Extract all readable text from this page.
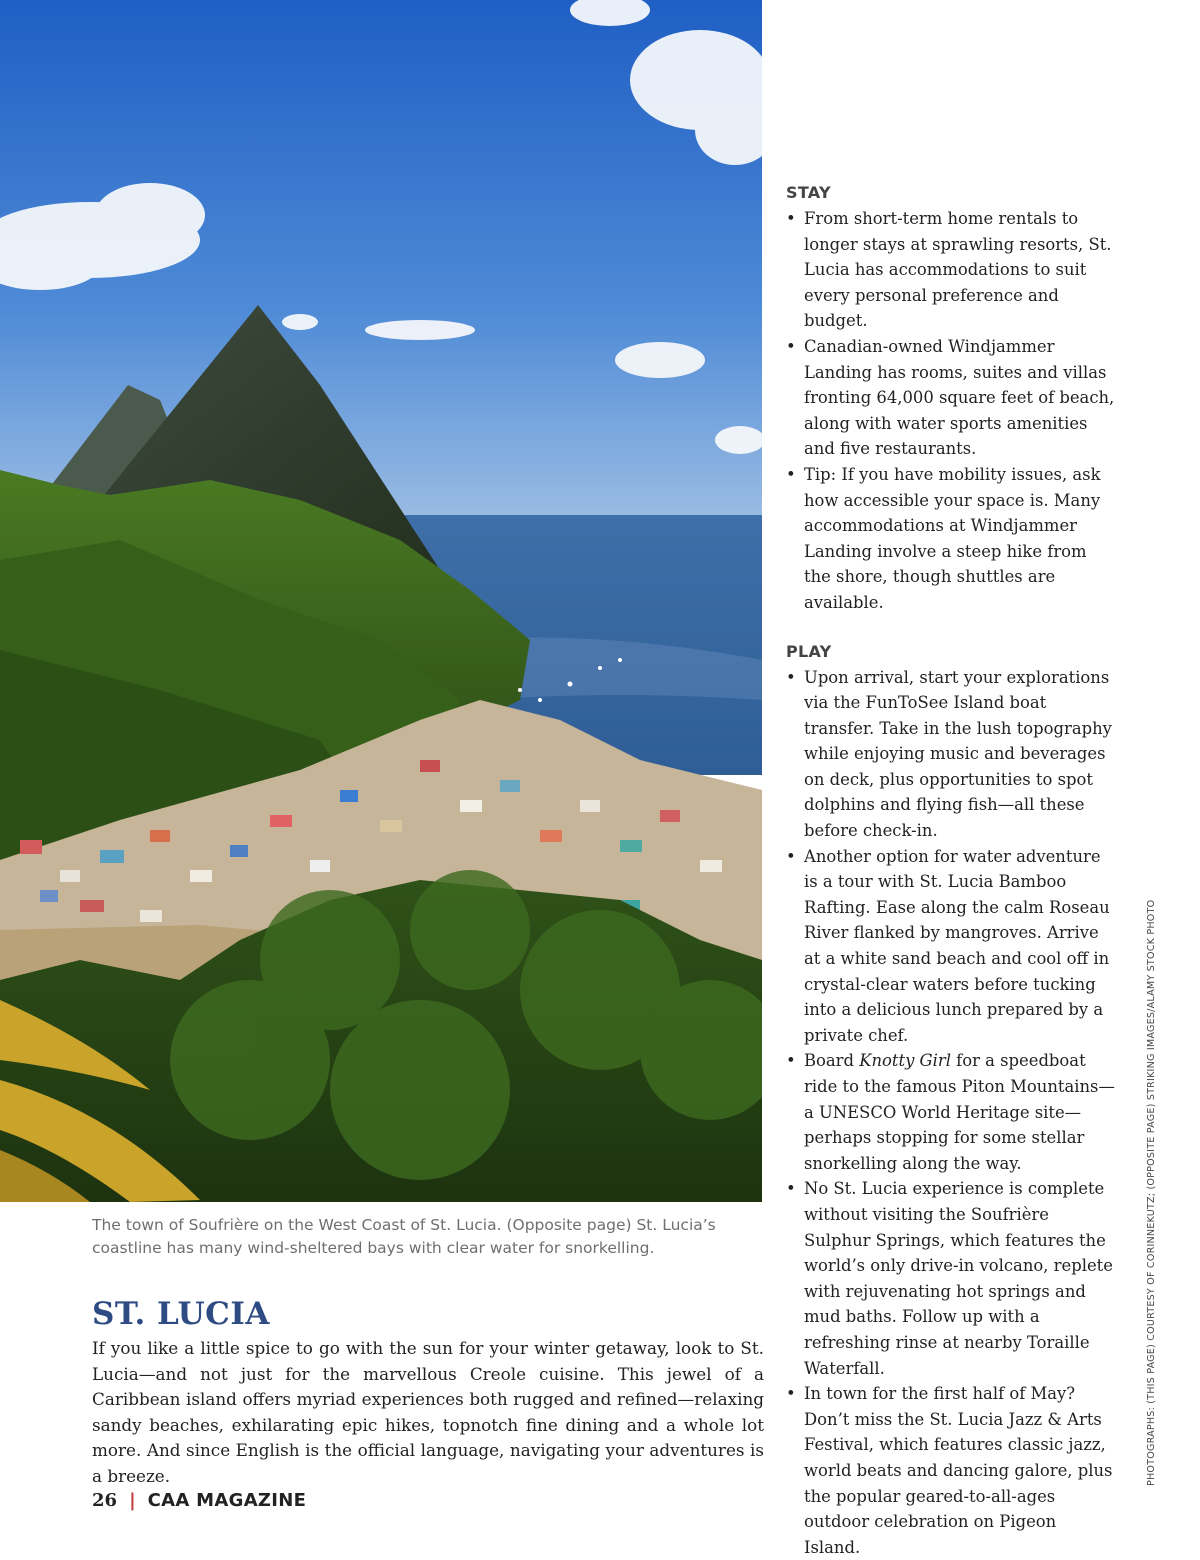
The town of Soufrière on the West Coast of St. Lucia. (Opposite page) St. Lucia’s coastline has many wind-sheltered bays with clear water for snorkelling.
ST. LUCIA

If you like a little spice to go with the sun for your winter getaway, look to St. Lucia—and not just for the marvellous Creole cuisine. This jewel of a Caribbean island offers myriad experiences both rugged and refined—relaxing sandy beaches, exhilarating epic hikes, topnotch fine dining and a whole lot more. And since English is the official language, navigating your adventures is a breeze.

26 | CAA MAGAZINE
STAY
• From short-term home rentals to longer stays at sprawling resorts, St. Lucia has accommodations to suit every personal preference and budget.
• Canadian-owned Windjammer Landing has rooms, suites and villas fronting 64,000 square feet of beach, along with water sports amenities and five restaurants.
• Tip: If you have mobility issues, ask how accessible your space is. Many accommodations at Windjammer Landing involve a steep hike from the shore, though shuttles are available.
PLAY
• Upon arrival, start your explorations via the FunToSee Island boat transfer. Take in the lush topography while enjoying music and beverages on deck, plus opportunities to spot dolphins and flying fish—all these before check-in.
• Another option for water adventure is a tour with St. Lucia Bamboo Rafting. Ease along the calm Roseau River flanked by mangroves. Arrive at a white sand beach and cool off in crystal-clear waters before tucking into a delicious lunch prepared by a private chef.
• Board Knotty Girl for a speedboat ride to the famous Piton Mountains—a UNESCO World Heritage site—perhaps stopping for some stellar snorkelling along the way.
• No St. Lucia experience is complete without visiting the Soufrière Sulphur Springs, which features the world’s only drive-in volcano, replete with rejuvenating hot springs and mud baths. Follow up with a refreshing rinse at nearby Toraille Waterfall.
• In town for the first half of May? Don’t miss the St. Lucia Jazz & Arts Festival, which features classic jazz, world beats and dancing galore, plus the popular geared-to-all-ages outdoor celebration on Pigeon Island.
PHOTOGRAPHS: (THIS PAGE) COURTESY OF CORINNEKUTZ; (OPPOSITE PAGE) STRIKING IMAGES/ALAMY STOCK PHOTO
